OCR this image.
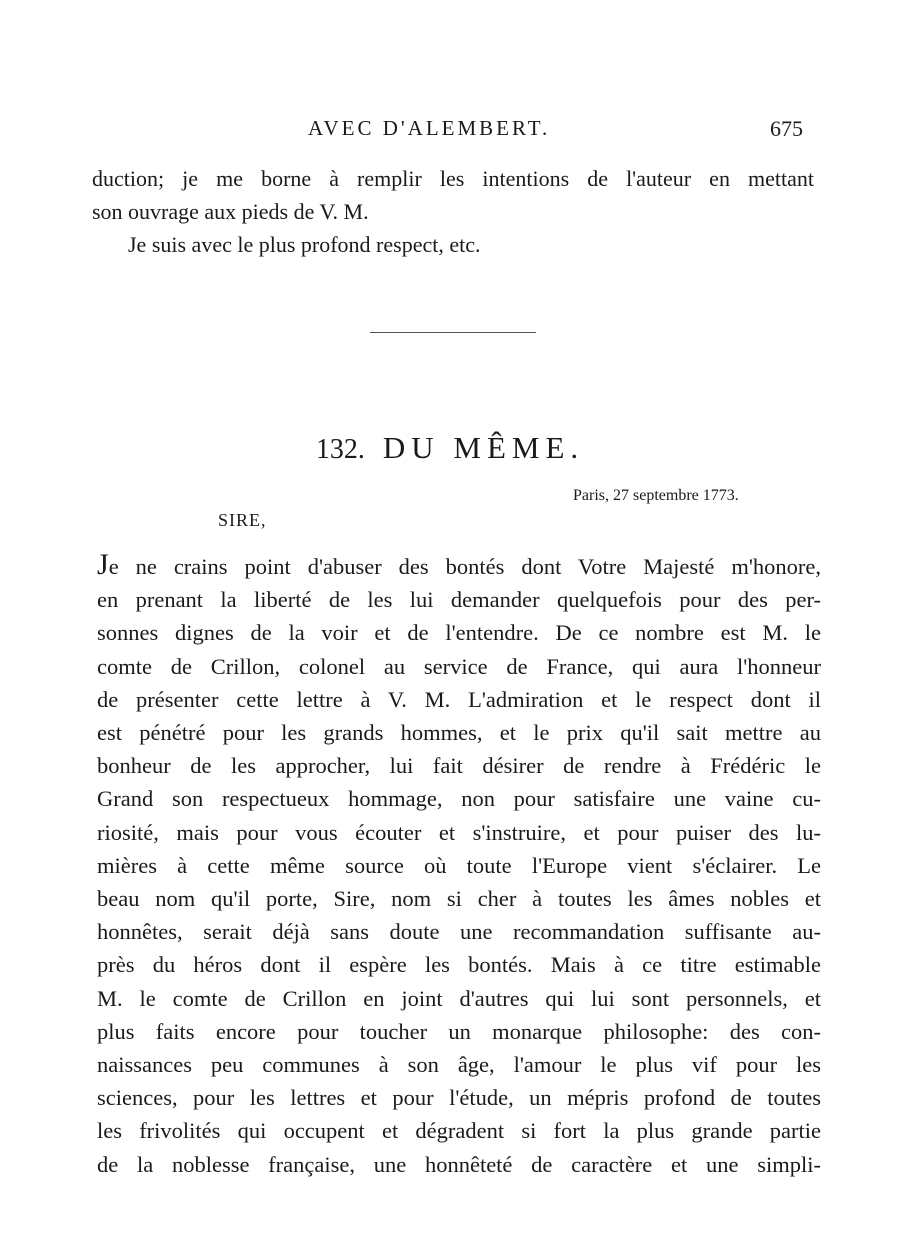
AVEC D'ALEMBERT.	675
duction; je me borne à remplir les intentions de l'auteur en mettant
son ouvrage aux pieds de V. M.
Je suis avec le plus profond respect, etc.
132. DU MÊME.
Paris, 27 septembre 1773.
SIRE,
Je ne crains point d'abuser des bontés dont Votre Majesté m'honore,
en prenant la liberté de les lui demander quelquefois pour des per-
sonnes dignes de la voir et de l'entendre. De ce nombre est M. le
comte de Crillon, colonel au service de France, qui aura l'honneur
de présenter cette lettre à V. M. L'admiration et le respect dont il
est pénétré pour les grands hommes, et le prix qu'il sait mettre au
bonheur de les approcher, lui fait désirer de rendre à Frédéric le
Grand son respectueux hommage, non pour satisfaire une vaine cu-
riosité, mais pour vous écouter et s'instruire, et pour puiser des lu-
mières à cette même source où toute l'Europe vient s'éclairer. Le
beau nom qu'il porte, Sire, nom si cher à toutes les âmes nobles et
honnêtes, serait déjà sans doute une recommandation suffisante au-
près du héros dont il espère les bontés. Mais à ce titre estimable
M. le comte de Crillon en joint d'autres qui lui sont personnels, et
plus faits encore pour toucher un monarque philosophe: des con-
naissances peu communes à son âge, l'amour le plus vif pour les
sciences, pour les lettres et pour l'étude, un mépris profond de toutes
les frivolités qui occupent et dégradent si fort la plus grande partie
de la noblesse française, une honnêteté de caractère et une simpli-
